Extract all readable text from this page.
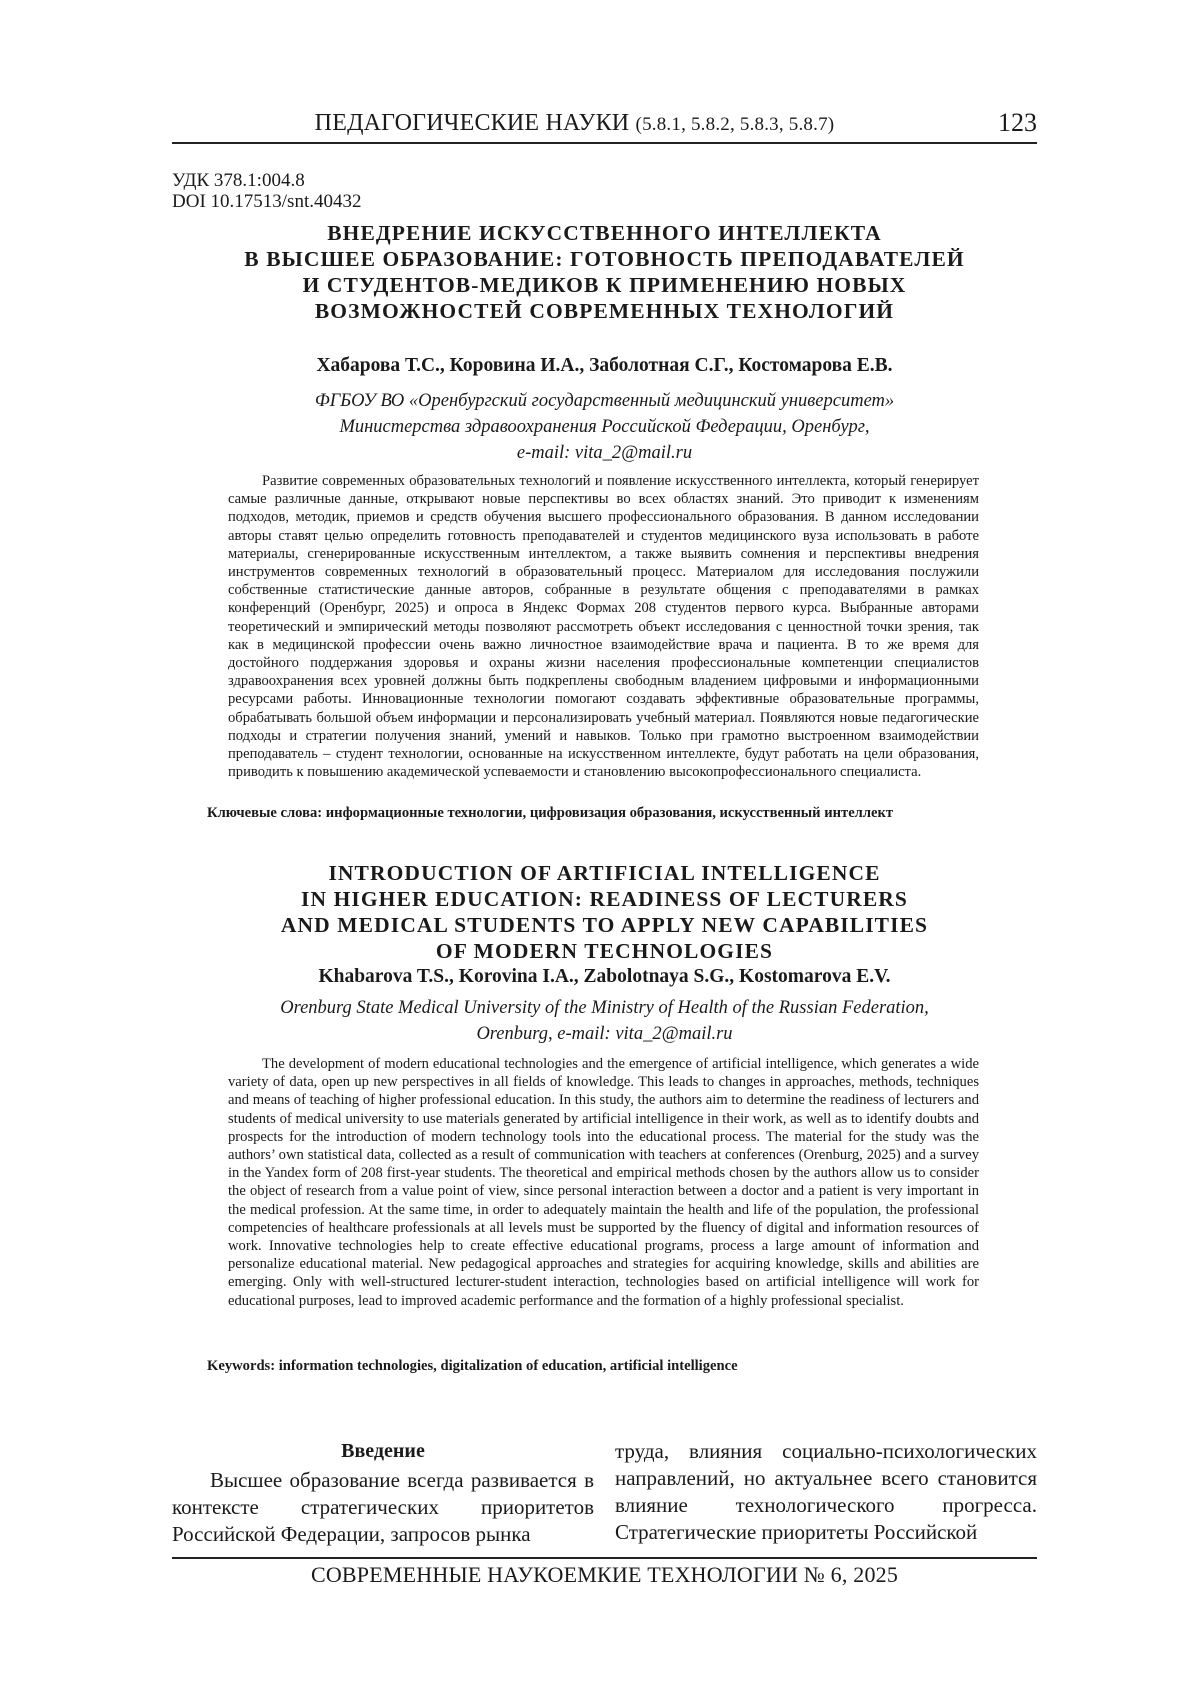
ПЕДАГОГИЧЕСКИЕ НАУКИ (5.8.1, 5.8.2, 5.8.3, 5.8.7)	123
УДК 378.1:004.8
DOI 10.17513/snt.40432
ВНЕДРЕНИЕ ИСКУССТВЕННОГО ИНТЕЛЛЕКТА
В ВЫСШЕЕ ОБРАЗОВАНИЕ: ГОТОВНОСТЬ ПРЕПОДАВАТЕЛЕЙ
И СТУДЕНТОВ-МЕДИКОВ К ПРИМЕНЕНИЮ НОВЫХ
ВОЗМОЖНОСТЕЙ СОВРЕМЕННЫХ ТЕХНОЛОГИЙ
Хабарова Т.С., Коровина И.А., Заболотная С.Г., Костомарова Е.В.
ФГБОУ ВО «Оренбургский государственный медицинский университет»
Министерства здравоохранения Российской Федерации, Оренбург,
e-mail: vita_2@mail.ru
Развитие современных образовательных технологий и появление искусственного интеллекта, который генерирует самые различные данные, открывают новые перспективы во всех областях знаний. Это приводит к изменениям подходов, методик, приемов и средств обучения высшего профессионального образования. В данном исследовании авторы ставят целью определить готовность преподавателей и студентов медицинского вуза использовать в работе материалы, сгенерированные искусственным интеллектом, а также выявить сомнения и перспективы внедрения инструментов современных технологий в образовательный процесс. Материалом для исследования послужили собственные статистические данные авторов, собранные в результате общения с преподавателями в рамках конференций (Оренбург, 2025) и опроса в Яндекс Формах 208 студентов первого курса. Выбранные авторами теоретический и эмпирический методы позволяют рассмотреть объект исследования с ценностной точки зрения, так как в медицинской профессии очень важно личностное взаимодействие врача и пациента. В то же время для достойного поддержания здоровья и охраны жизни населения профессиональные компетенции специалистов здравоохранения всех уровней должны быть подкреплены свободным владением цифровыми и информационными ресурсами работы. Инновационные технологии помогают создавать эффективные образовательные программы, обрабатывать большой объем информации и персонализировать учебный материал. Появляются новые педагогические подходы и стратегии получения знаний, умений и навыков. Только при грамотно выстроенном взаимодействии преподаватель – студент технологии, основанные на искусственном интеллекте, будут работать на цели образования, приводить к повышению академической успеваемости и становлению высокопрофессионального специалиста.
Ключевые слова: информационные технологии, цифровизация образования, искусственный интеллект
INTRODUCTION OF ARTIFICIAL INTELLIGENCE
IN HIGHER EDUCATION: READINESS OF LECTURERS
AND MEDICAL STUDENTS TO APPLY NEW CAPABILITIES
OF MODERN TECHNOLOGIES
Khabarova T.S., Korovina I.A., Zabolotnaya S.G., Kostomarova E.V.
Orenburg State Medical University of the Ministry of Health of the Russian Federation,
Orenburg, e-mail: vita_2@mail.ru
The development of modern educational technologies and the emergence of artificial intelligence, which generates a wide variety of data, open up new perspectives in all fields of knowledge. This leads to changes in approaches, methods, techniques and means of teaching of higher professional education. In this study, the authors aim to determine the readiness of lecturers and students of medical university to use materials generated by artificial intelligence in their work, as well as to identify doubts and prospects for the introduction of modern technology tools into the educational process. The material for the study was the authors’ own statistical data, collected as a result of communication with teachers at conferences (Orenburg, 2025) and a survey in the Yandex form of 208 first-year students. The theoretical and empirical methods chosen by the authors allow us to consider the object of research from a value point of view, since personal interaction between a doctor and a patient is very important in the medical profession. At the same time, in order to adequately maintain the health and life of the population, the professional competencies of healthcare professionals at all levels must be supported by the fluency of digital and information resources of work. Innovative technologies help to create effective educational programs, process a large amount of information and personalize educational material. New pedagogical approaches and strategies for acquiring knowledge, skills and abilities are emerging. Only with well-structured lecturer-student interaction, technologies based on artificial intelligence will work for educational purposes, lead to improved academic performance and the formation of a highly professional specialist.
Keywords: information technologies, digitalization of education, artificial intelligence
Введение
Высшее образование всегда развивается в контексте стратегических приоритетов Российской Федерации, запросов рынка
труда, влияния социально-психологических направлений, но актуальнее всего становится влияние технологического прогресса. Стратегические приоритеты Российской
СОВРЕМЕННЫЕ НАУКОЕМКИЕ ТЕХНОЛОГИИ № 6, 2025
